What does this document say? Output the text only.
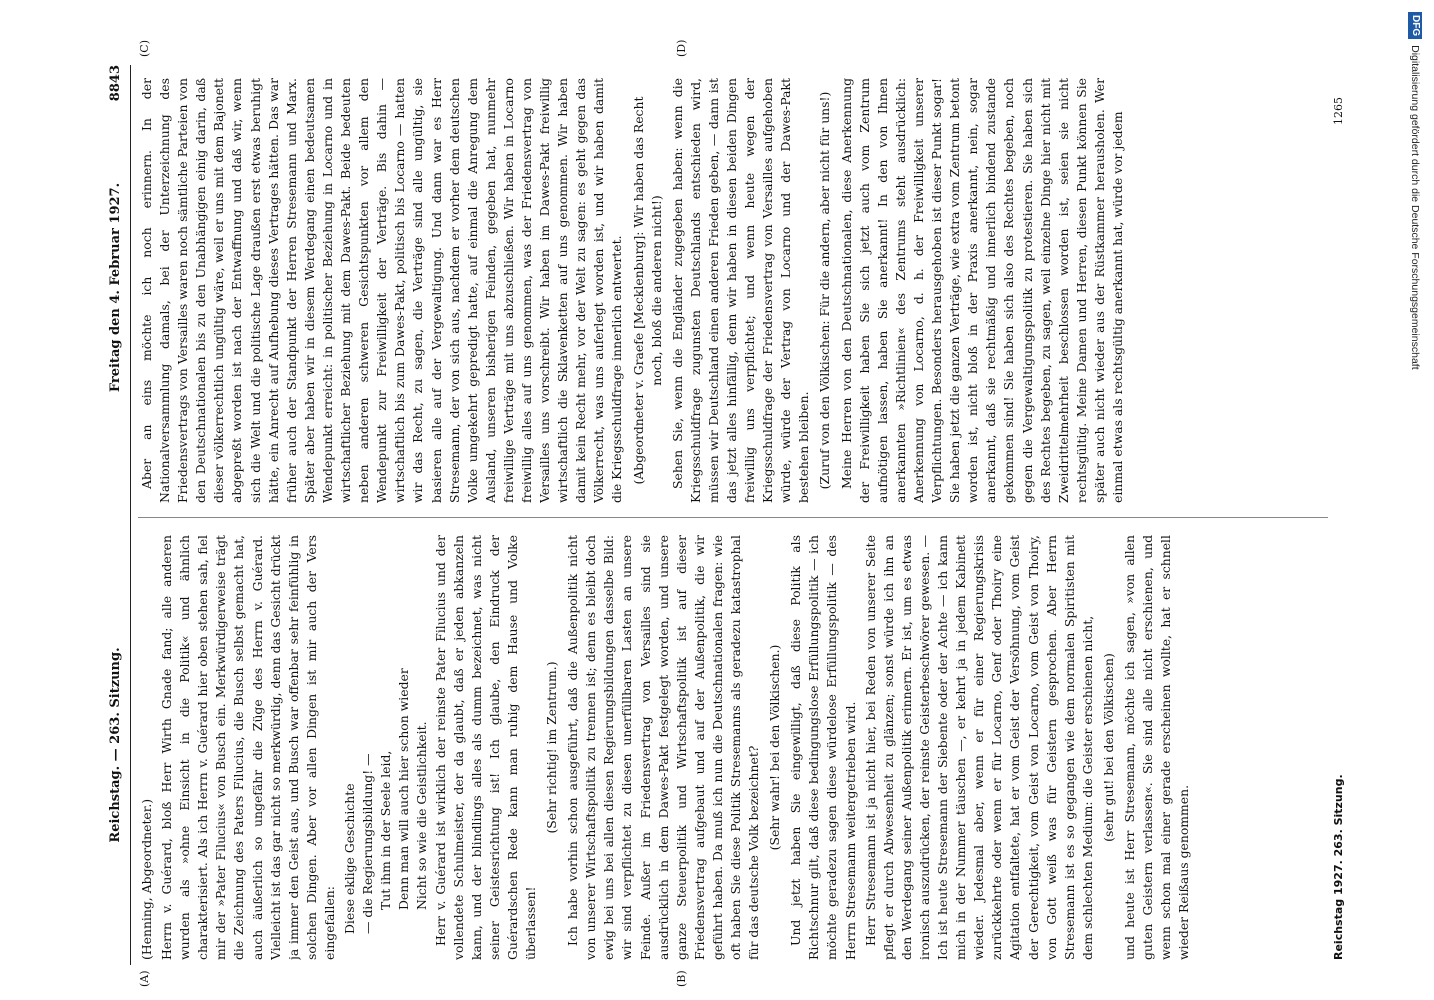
Reichstag. — 263. Sitzung.
Freitag den 4. Februar 1927.
8843
(A)	(B)
(C)	(D)

(Henning, Abgeordneter.) Herrn v. Guérard, bloß Herr Wirth Gnade fand; alle anderen wurden als »ohne Einsicht in die Politik« und ähnlich charakterisiert. Als ich Herrn v. Guérard hier oben stehen sah, fiel mir der »Pater Filucius« von Busch ein. Merkwürdigerweise trägt die Zeichnung des Paters Filucius, die Busch selbst gemacht hat, auch äußerlich so ungefähr die Züge des Herrn v. Guérard. Vielleicht ist das gar nicht so merkwürdig, denn das Gesicht drückt ja immer den Geist aus, und Busch war offenbar sehr feinfühlig in solchen Dingen. Aber vor allen Dingen ist mir auch der Vers eingefallen: Diese eklige Geschichte — die Regierungsbildung! — Tut ihm in der Seele leid, Denn man will auch hier schon wieder Nicht so wie die Geistlichkeit. Herr v. Guérard ist wirklich der reinste Pater Filucius und der vollendete Schulmeister, der da glaubt, daß er jeden abkanzeln kann, und der blindlings alles als dumm bezeichnet, was nicht seiner Geistesrichtung ist! Ich glaube, den Eindruck der Guérardschen Rede kann man ruhig dem Hause und Volke überlassen!

(Sehr richtig! im Zentrum.) Ich habe vorhin schon ausgeführt, daß die Außenpolitik nicht von unserer Wirtschaftspolitik zu trennen ist; denn es bleibt doch ewig bei uns bei allen diesen Regierungsbildungen dasselbe Bild: wir sind verpflichtet zu diesen unerfüllbaren Lasten an unsere Feinde. Außer im Friedensvertrag von Versailles sind sie ausdrücklich in dem Dawes-Pakt festgelegt worden, und unsere ganze Steuerpolitik und Wirtschaftspolitik ist auf dieser Friedensvertrag aufgebaut und auf der Außenpolitik, die wir geführt haben. Da muß ich nun die Deutschnationalen fragen: wie oft haben Sie diese Politik Stresemanns als geradezu katastrophal für das deutsche Volk bezeichnet? (Sehr wahr! bei den Völkischen.) Und jetzt haben Sie eingewilligt, daß diese Politik als Richtschnur gilt, daß diese bedingungslose Erfüllungspolitik — ich möchte geradezu sagen diese würdelose Erfüllungspolitik — des Herrn Stresemann weitergetrieben wird. Herr Stresemann ist ja nicht hier, bei Reden von unserer Seite pflegt er durch Abwesenheit zu glänzen; sonst würde ich ihn an den Werdegang seiner Außenpolitik erinnern. Er ist, um es etwas ironisch auszudrücken, der reinste Geisterbeschwörer gewesen. — Ich ist heute Stresemann der Siebente oder der Achte — ich kann mich in der Nummer täuschen —, er kehrt ja in jedem Kabinett wieder. Jedesmal aber, wenn er für einer Regierungskrisis zurückkehrte oder wenn er für Locarno, Genf oder Thoiry eine Agitation entfaltete, hat er vom Geist der Versöhnung, vom Geist der Gerechtigkeit, vom Geist von Locarno, vom Geist von Thoiry, von Gott weiß was für Geistern gesprochen. Aber Herrn Stresemann ist es so gegangen wie dem normalen Spiritisten mit dem schlechten Medium: die Geister erschienen nicht, (sehr gut! bei den Völkischen) und heute ist Herr Stresemann, möchte ich sagen, »von allen guten Geistern verlassen«. Sie sind alle nicht erschienen, und wenn schon mal einer gerade erscheinen wollte, hat er schnell wieder Reißaus genommen.

Aber an eins möchte ich noch erinnern. In der Nationalversammlung damals, bei der Unterzeichnung des Friedensvertrags von Versailles waren noch sämtliche Parteien von den Deutschnationalen bis zu den Unabhängigen einig darin, daß dieser völkerrechtlich ungültig wäre, weil er uns mit dem Bajonett abgepreßt worden ist nach der Entwaffnung und daß wir, wenn sich die Welt und die politische Lage draußen erst etwas beruhigt hätte, ein Anrecht auf Aufhebung dieses Vertrages hätten. Das war früher auch der Standpunkt der Herren Stresemann und Marx. Später aber haben wir in diesem Werdegang einen bedeutsamen Wendepunkt erreicht: in politischer Beziehung in Locarno und in wirtschaftlicher Beziehung mit dem Dawes-Pakt. Beide bedeuten neben anderen schweren Gesichtspunkten vor allem den Wendepunkt zur Freiwilligkeit der Verträge. Bis dahin — wirtschaftlich bis zum Dawes-Pakt, politisch bis Locarno — hatten wir das Recht, zu sagen, die Verträge sind alle ungültig, sie basieren alle auf der Vergewaltigung. Und dann war es Herr Stresemann, der von sich aus, nachdem er vorher dem deutschen Volke umgekehrt gepredigt hatte, auf einmal die Anregung dem Ausland, unseren bisherigen Feinden, gegeben hat, nunmehr freiwillige Verträge mit uns abzuschließen. Wir haben in Locarno freiwillig alles auf uns genommen, was der Friedensvertrag von Versailles uns vorschreibt. Wir haben im Dawes-Pakt freiwillig wirtschaftlich die Sklavenketten auf uns genommen. Wir haben damit kein Recht mehr, vor der Welt zu sagen: es geht gegen das Völkerrecht, was uns auferlegt worden ist, und wir haben damit die Kriegsschuldfrage innerlich entwertet. (Abgeordneter v. Graefe [Mecklenburg]: Wir haben das Recht noch, bloß die anderen nicht!) Sehen Sie, wenn die Engländer zugegeben haben: wenn die Kriegsschuldfrage zugunsten Deutschlands entschieden wird, müssen wir Deutschland einen anderen Frieden geben, — dann ist das jetzt alles hinfällig, denn wir haben in diesen beiden Dingen freiwillig uns verpflichtet; und wenn heute wegen der Kriegsschuldfrage der Friedensvertrag von Versailles aufgehoben würde, würde der Vertrag von Locarno und der Dawes-Pakt bestehen bleiben. (Zuruf von den Völkischen: Für die andern, aber nicht für uns!) Meine Herren von den Deutschnationalen, diese Anerkennung der Freiwilligkeit haben Sie sich jetzt auch vom Zentrum aufnötigen lassen, haben Sie anerkannt! In den von Ihnen anerkannten »Richtlinien« des Zentrums steht ausdrücklich: Anerkennung von Locarno, d. h. der Freiwilligkeit unserer Verpflichtungen. Besonders herausgehoben ist dieser Punkt sogar! Sie haben jetzt die ganzen Verträge, wie extra vom Zentrum betont worden ist, nicht bloß in der Praxis anerkannt, nein, sogar anerkannt, daß sie rechtmäßig und innerlich bindend zustande gekommen sind! Sie haben sich also des Rechtes begeben, noch gegen die Vergewaltigungspolitik zu protestieren. Sie haben sich des Rechtes begeben, zu sagen, weil einzelne Dinge hier nicht mit Zweidrittelmehrheit beschlossen worden ist, seien sie nicht rechtsgültig. Meine Damen und Herren, diesen Punkt können Sie später auch nicht wieder aus der Rüstkammer herausholen. Wer einmal etwas als rechtsgültig anerkannt hat, würde vor jedem

Reichstag 1927. 263. Sitzung.
1265
DFGDigitalisierung gefördert durch die Deutsche Forschungsgemeinschaft
